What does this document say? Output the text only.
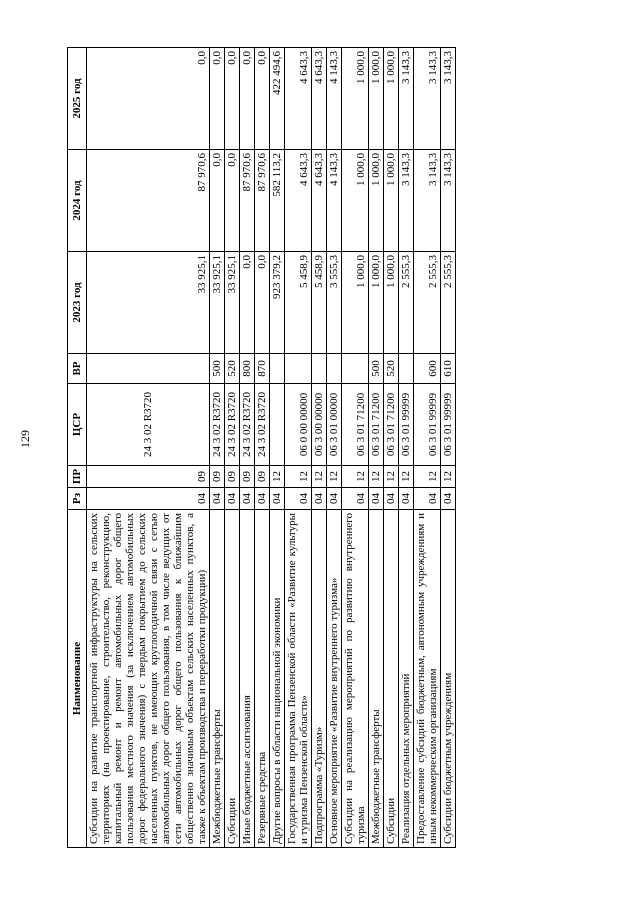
129
Наименование	Рз	ПР	ЦСР	ВР	2023 год	2024 год	2025 год
Субсидии на развитие транспортной инфраструктуры на сельских территориях (на проектирование, строительство, реконструкцию, капитальный ремонт и ремонт автомобильных дорог общего пользования местного значения (за исключением автомобильных дорог федерального значения) с твердым покрытием до сельских населенных пунктов, не имеющих круглогодичной связи с сетью автомобильных дорог общего пользования, в том числе ведущих от сети автомобильных дорог общего пользования к ближайшим общественно значимым объектам сельских населенных пунктов, а также к объектам производства и переработки продукции)	04	09	24 3 02 R3720		33 925,1	87 970,6	0,0
Межбюджетные трансферты	04	09	24 3 02 R3720	500	33 925,1	0,0	0,0
Субсидии	04	09	24 3 02 R3720	520	33 925,1	0,0	0,0
Иные бюджетные ассигнования	04	09	24 3 02 R3720	800	0,0	87 970,6	0,0
Резервные средства	04	09	24 3 02 R3720	870	0,0	87 970,6	0,0
Другие вопросы в области национальной экономики	04	12			923 379,2	582 113,2	422 494,6
Государственная программа Пензенской области «Развитие культуры и туризма Пензенской области»	04	12	06 0 00 00000		5 458,9	4 643,3	4 643,3
Подпрограмма «Туризм»	04	12	06 3 00 00000		5 458,9	4 643,3	4 643,3
Основное мероприятие «Развитие внутреннего туризма»	04	12	06 3 01 00000		3 555,3	4 143,3	4 143,3
Субсидии на реализацию мероприятий по развитию внутреннего туризма	04	12	06 3 01 71200		1 000,0	1 000,0	1 000,0
Межбюджетные трансферты	04	12	06 3 01 71200	500	1 000,0	1 000,0	1 000,0
Субсидии	04	12	06 3 01 71200	520	1 000,0	1 000,0	1 000,0
Реализация отдельных мероприятий	04	12	06 3 01 99999		2 555,3	3 143,3	3 143,3
Предоставление субсидий бюджетным, автономным учреждениям и иным некоммерческим организациям	04	12	06 3 01 99999	600	2 555,3	3 143,3	3 143,3
Субсидии бюджетным учреждениям	04	12	06 3 01 99999	610	2 555,3	3 143,3	3 143,3
